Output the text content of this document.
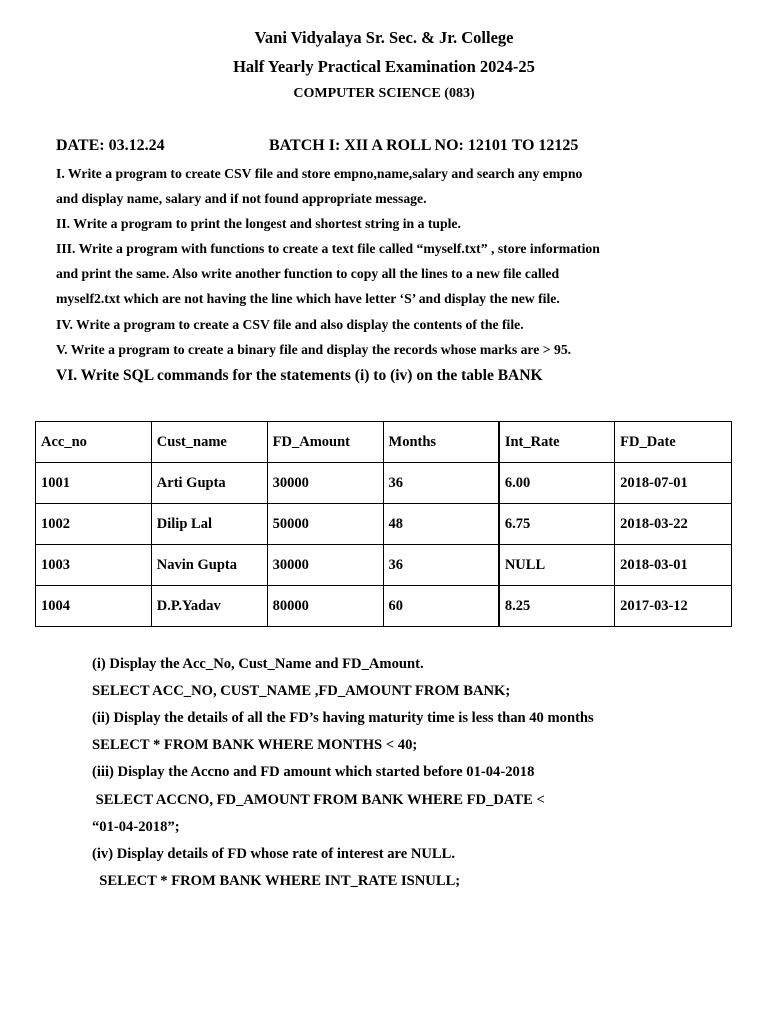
Vani Vidyalaya Sr. Sec. & Jr. College
Half Yearly Practical Examination 2024-25
COMPUTER SCIENCE (083)
DATE: 03.12.24	BATCH I: XII A ROLL NO: 12101 TO 12125
I. Write a program to create CSV file and store empno,name,salary and search any empno
and display name, salary and if not found appropriate message.
II. Write a program to print the longest and shortest string in a tuple.
III. Write a program with functions to create a text file called “myself.txt” , store information
and print the same. Also write another function to copy all the lines to a new file called
myself2.txt which are not having the line which have letter ‘S’ and display the new file.
IV. Write a program to create a CSV file and also display the contents of the file.
V. Write a program to create a binary file and display the records whose marks are > 95.
VI. Write SQL commands for the statements (i) to (iv) on the table BANK
Acc_no	Cust_name	FD_Amount	Months	Int_Rate	FD_Date
1001	Arti Gupta	30000	36	6.00	2018-07-01
1002	Dilip Lal	50000	48	6.75	2018-03-22
1003	Navin Gupta	30000	36	NULL	2018-03-01
1004	D.P.Yadav	80000	60	8.25	2017-03-12
(i) Display the Acc_No, Cust_Name and FD_Amount.
SELECT ACC_NO, CUST_NAME ,FD_AMOUNT FROM BANK;
(ii) Display the details of all the FD’s having maturity time is less than 40 months
SELECT * FROM BANK WHERE MONTHS < 40;
(iii) Display the Accno and FD amount which started before 01-04-2018
SELECT ACCNO, FD_AMOUNT FROM BANK WHERE FD_DATE <
“01-04-2018”;
(iv) Display details of FD whose rate of interest are NULL.
SELECT * FROM BANK WHERE INT_RATE ISNULL;
